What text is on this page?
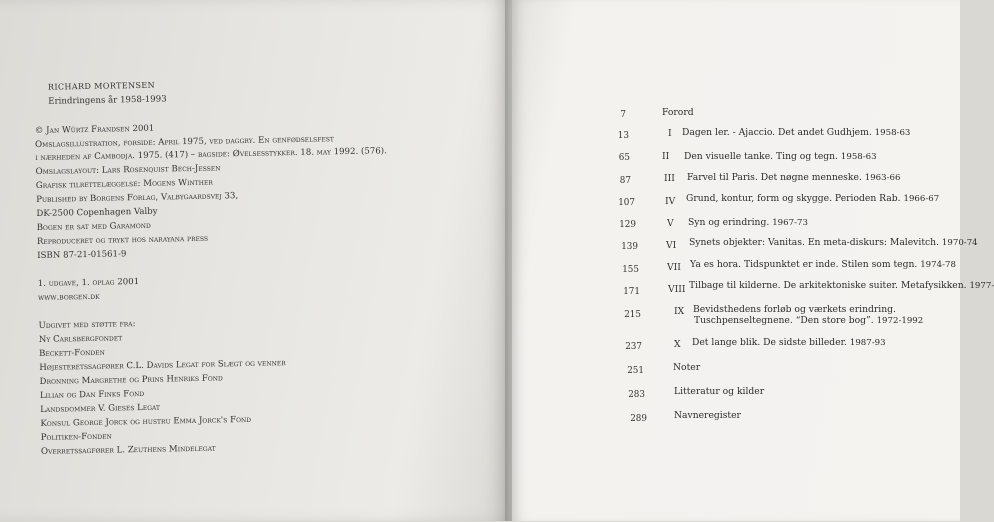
RICHARD MORTENSEN
Erindringens år 1958-1993
© Jan Würtz Frandsen 2001
Omslagsillustration, forside: April 1975, ved daggry. En genfødselsfest
i nærheden af Cambodja. 1975. (417) – bagside: Øvelsesstykker. 18. may 1992. (576).
Omslagslayout: Lars Rosenquist Bech-Jessen
Grafisk tilrettelæggelse: Mogens Winther
Published by Borgens Forlag, Valbygaardsvej 33,
DK-2500 Copenhagen Valby
Bogen er sat med Garamond
Reproduceret og trykt hos narayana press
ISBN 87-21-01561-9
1. udgave, 1. oplag 2001
www.borgen.dk
Udgivet med støtte fra:
Ny Carlsbergfondet
Beckett-Fonden
Højesteretssagfører C.L. Davids Legat for Slægt og venner
Dronning Margrethe og Prins Henriks Fond
Lilian og Dan Finks Fond
Landsdommer V. Gieses Legat
Konsul George Jorck og hustru Emma Jorck's Fond
Politiken-Fonden
Overretssagfører L. Zeuthens Mindelegat
7	Forord
13	I Dagen ler. - Ajaccio. Det andet Gudhjem. 1958-63
65	II Den visuelle tanke. Ting og tegn. 1958-63
87	III Farvel til Paris. Det nøgne menneske. 1963-66
107	IV Grund, kontur, form og skygge. Perioden Rab. 1966-67
129	V Syn og erindring. 1967-73
139	VI Synets objekter: Vanitas. En meta-diskurs: Malevitch. 1970-74
155	VII Ya es hora. Tidspunktet er inde. Stilen som tegn. 1974-78
171	VIII Tilbage til kilderne. De arkitektoniske suiter. Metafysikken. 1977-
215	IX Bevidsthedens forløb og værkets erindring.
Tuschpenseltegnene. “Den store bog”. 1972-1992
237	X Det lange blik. De sidste billeder. 1987-93
251	Noter
283	Litteratur og kilder
289	Navneregister
